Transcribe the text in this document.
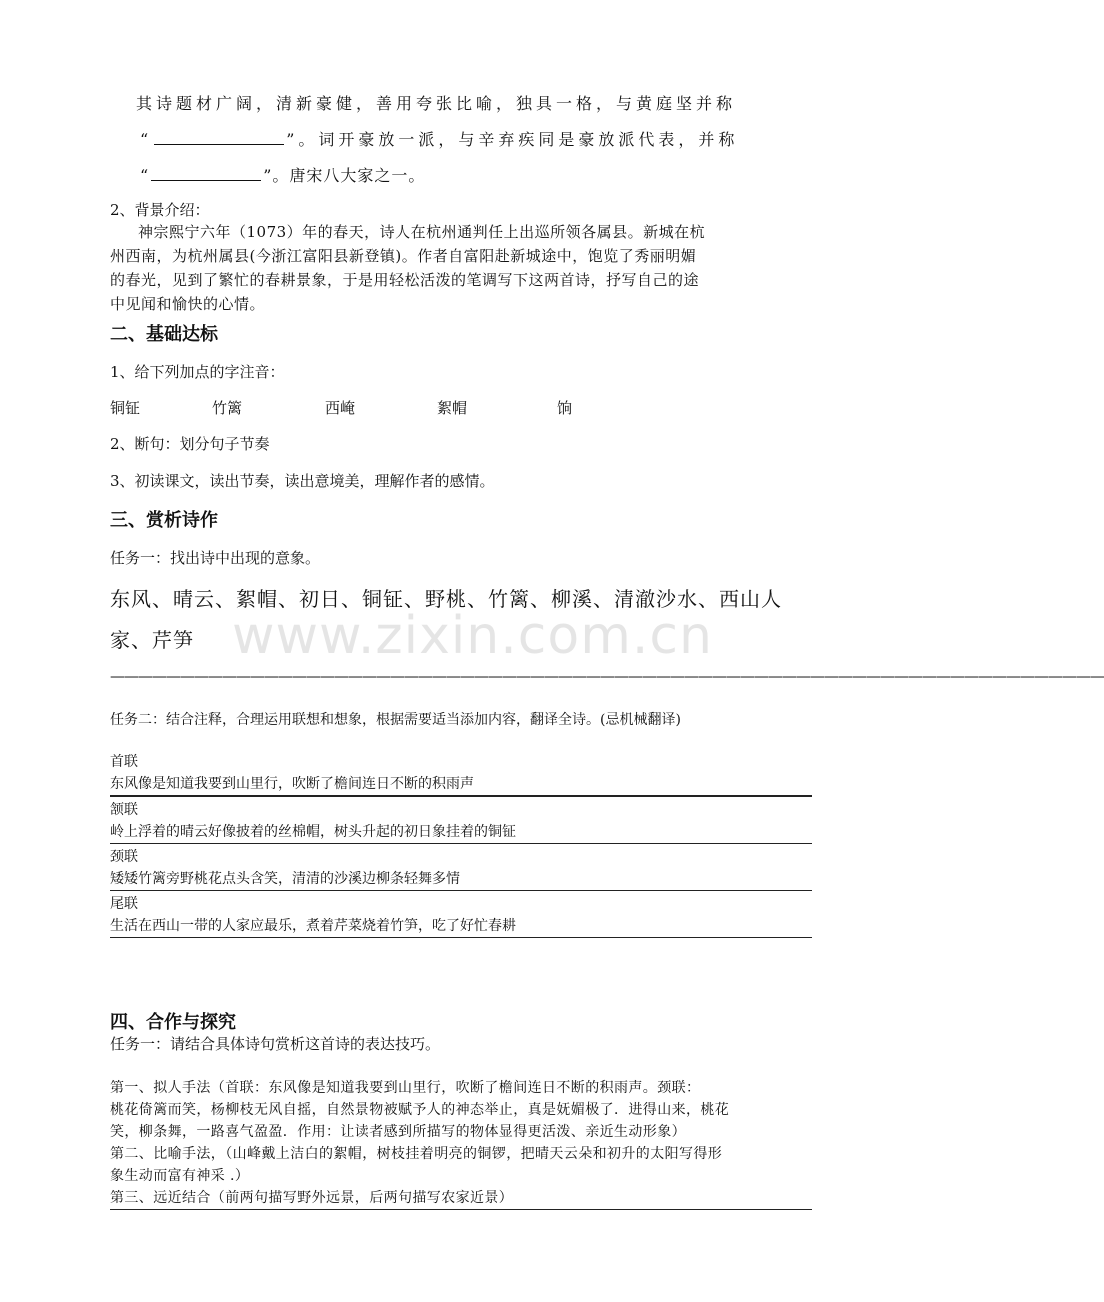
其诗题材广阔，清新豪健，善用夸张比喻，独具一格，与黄庭坚并称
“	”。词开豪放一派，与辛弃疾同是豪放派代表，并称
“	”。唐宋八大家之一。
2、背景介绍：
神宗熙宁六年（1073）年的春天，诗人在杭州通判任上出巡所领各属县。新城在杭
州西南，为杭州属县(今浙江富阳县新登镇)。作者自富阳赴新城途中，饱览了秀丽明媚
的春光，见到了繁忙的春耕景象，于是用轻松活泼的笔调写下这两首诗，抒写自己的途
中见闻和愉快的心情。
二、基础达标
1、给下列加点的字注音：
铜钲	竹篱	西崦	絮帽	饷
2、断句：划分句子节奏
3、初读课文，读出节奏，读出意境美，理解作者的感情。
三、赏析诗作
任务一：找出诗中出现的意象。
东风、晴云、絮帽、初日、铜钲、野桃、竹篱、柳溪、清澈沙水、西山人
家、芹笋 www.zixin.com.cn
———————————————————————————————————————————————————————————————————————
任务二：结合注释，合理运用联想和想象，根据需要适当添加内容，翻译全诗。(忌机械翻译)
首联
东风像是知道我要到山里行，吹断了檐间连日不断的积雨声
颔联
岭上浮着的晴云好像披着的丝棉帽，树头升起的初日象挂着的铜钲
颈联
矮矮竹篱旁野桃花点头含笑，清清的沙溪边柳条轻舞多情
尾联
生活在西山一带的人家应最乐，煮着芹菜烧着竹笋，吃了好忙春耕
四、合作与探究
任务一：请结合具体诗句赏析这首诗的表达技巧。
第一、拟人手法（首联：东风像是知道我要到山里行，吹断了檐间连日不断的积雨声。颈联：
桃花倚篱而笑，杨柳枝无风自摇，自然景物被赋予人的神态举止，真是妩媚极了．进得山来，桃花
笑，柳条舞，一路喜气盈盈．作用：让读者感到所描写的物体显得更活泼、亲近生动形象）
第二、比喻手法，（山峰戴上洁白的絮帽，树枝挂着明亮的铜锣，把晴天云朵和初升的太阳写得形
象生动而富有神采 .）
第三、远近结合（前两句描写野外远景，后两句描写农家近景）
